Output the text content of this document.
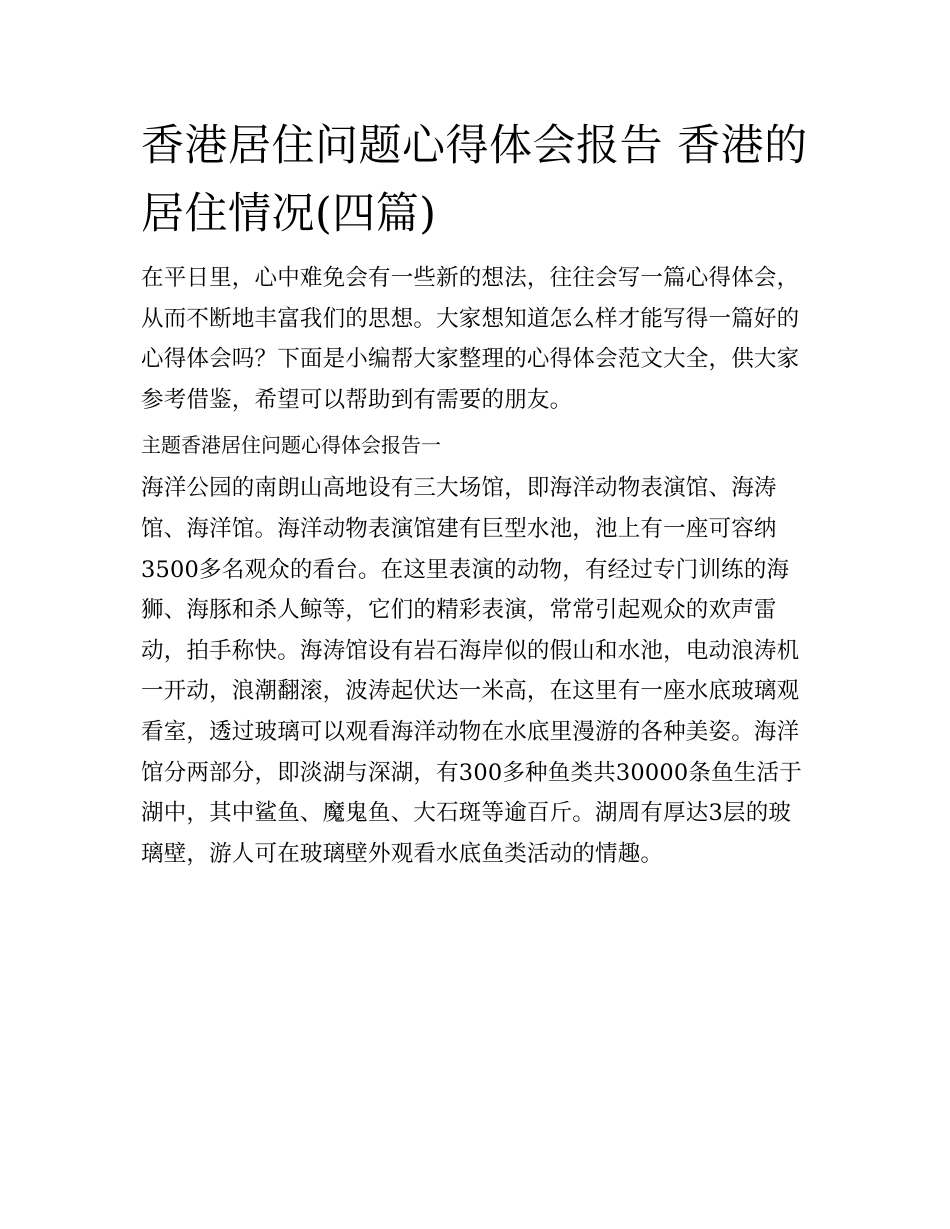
香港居住问题心得体会报告 香港的居住情况(四篇)

在平日里，心中难免会有一些新的想法，往往会写一篇心得体会，从而不断地丰富我们的思想。大家想知道怎么样才能写得一篇好的心得体会吗？下面是小编帮大家整理的心得体会范文大全，供大家参考借鉴，希望可以帮助到有需要的朋友。

主题香港居住问题心得体会报告一

海洋公园的南朗山高地设有三大场馆，即海洋动物表演馆、海涛馆、海洋馆。海洋动物表演馆建有巨型水池，池上有一座可容纳3500多名观众的看台。在这里表演的动物，有经过专门训练的海狮、海豚和杀人鲸等，它们的精彩表演，常常引起观众的欢声雷动，拍手称快。海涛馆设有岩石海岸似的假山和水池，电动浪涛机一开动，浪潮翻滚，波涛起伏达一米高，在这里有一座水底玻璃观看室，透过玻璃可以观看海洋动物在水底里漫游的各种美姿。海洋馆分两部分，即淡湖与深湖，有300多种鱼类共30000条鱼生活于湖中，其中鲨鱼、魔鬼鱼、大石斑等逾百斤。湖周有厚达3层的玻璃壁，游人可在玻璃壁外观看水底鱼类活动的情趣。
